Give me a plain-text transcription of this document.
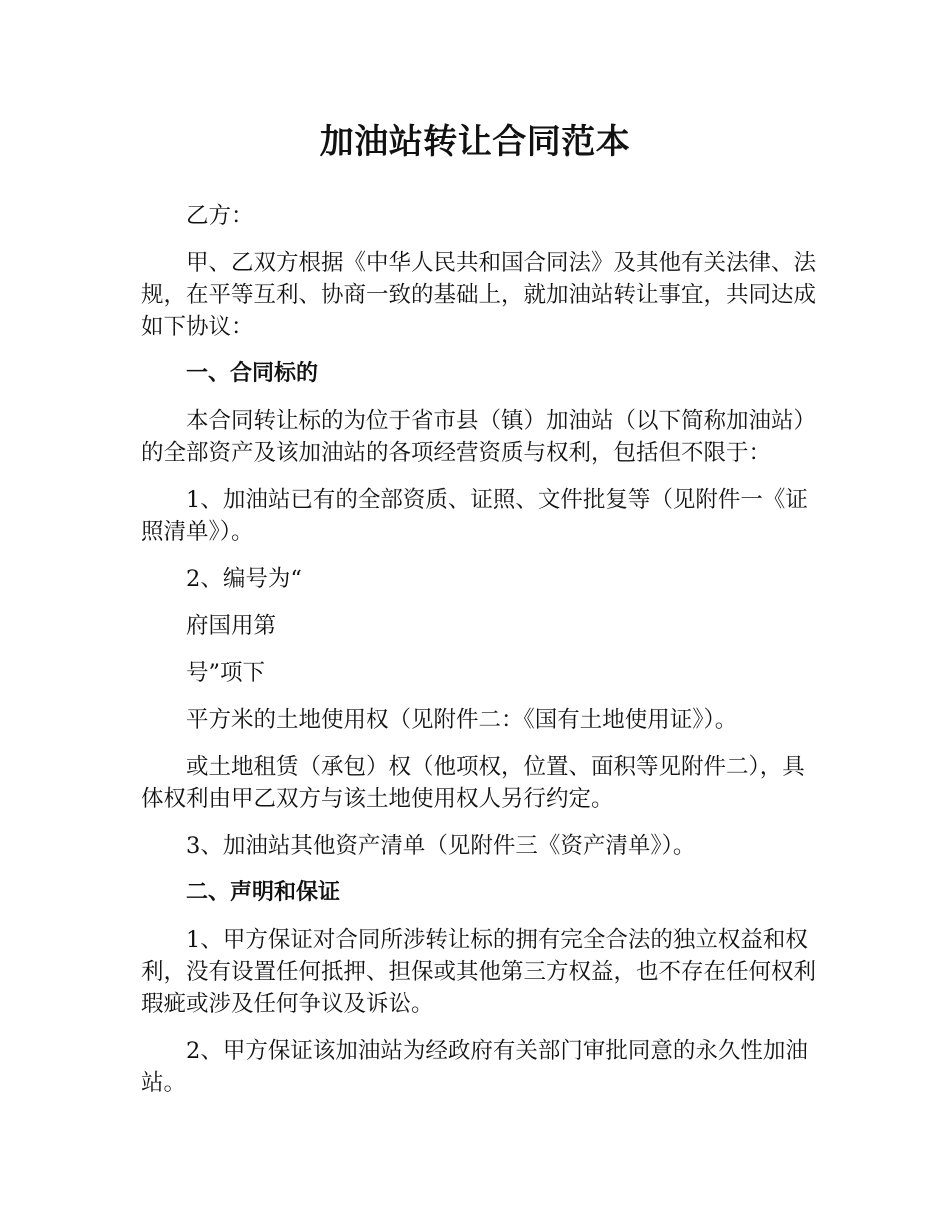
加油站转让合同范本

乙方：

甲、乙双方根据《中华人民共和国合同法》及其他有关法律、法规，在平等互利、协商一致的基础上，就加油站转让事宜，共同达成如下协议：

一、合同标的

本合同转让标的为位于省市县（镇）加油站（以下简称加油站）的全部资产及该加油站的各项经营资质与权利，包括但不限于：

1、加油站已有的全部资质、证照、文件批复等（见附件一《证照清单》）。

2、编号为“

府国用第

号”项下

平方米的土地使用权（见附件二：《国有土地使用证》）。

或土地租赁（承包）权（他项权，位置、面积等见附件二），具体权利由甲乙双方与该土地使用权人另行约定。

3、加油站其他资产清单（见附件三《资产清单》）。

二、声明和保证

1、甲方保证对合同所涉转让标的拥有完全合法的独立权益和权利，没有设置任何抵押、担保或其他第三方权益，也不存在任何权利瑕疵或涉及任何争议及诉讼。

2、甲方保证该加油站为经政府有关部门审批同意的永久性加油站。
